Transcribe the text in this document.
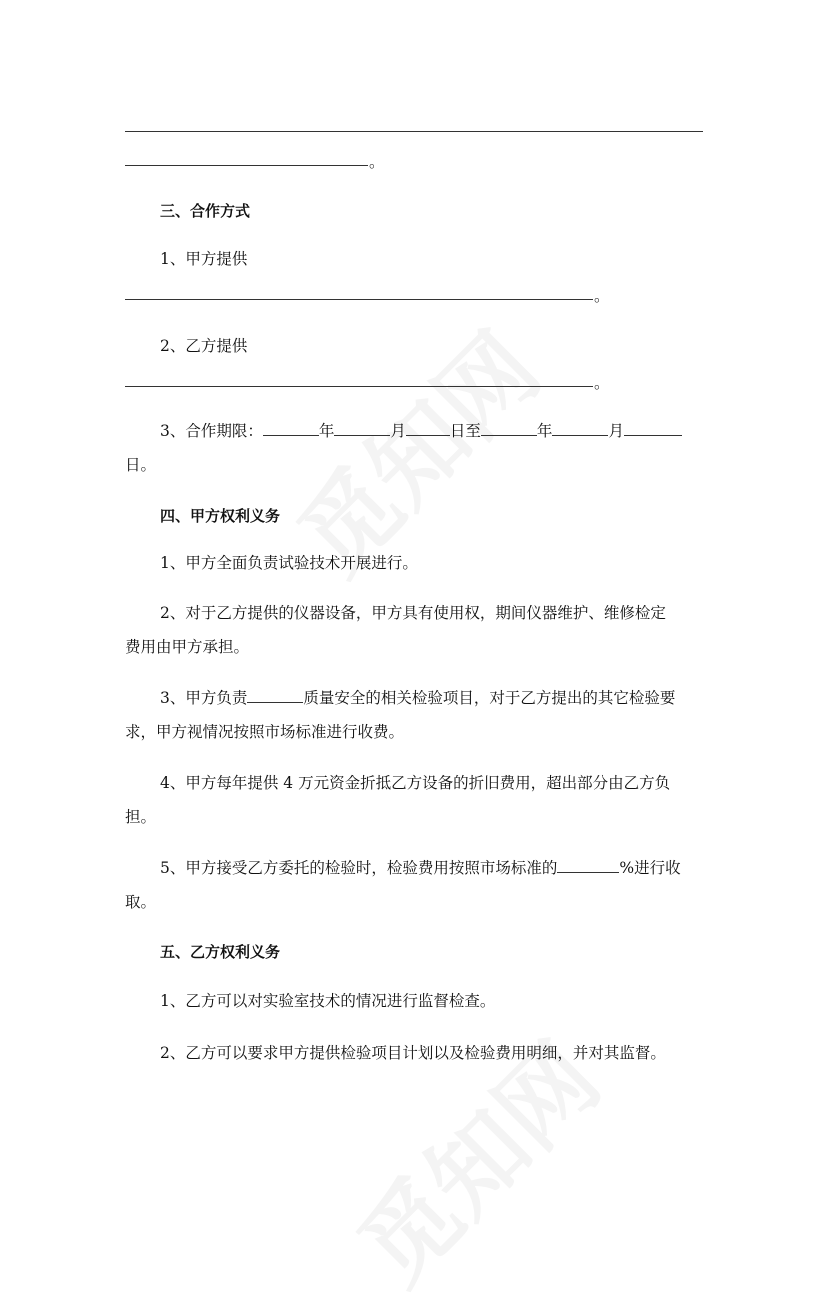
。
三、合作方式
1、甲方提供
。
2、乙方提供
。
3、合作期限：	年	月	日至	年	月
日。
四、甲方权利义务
1、甲方全面负责试验技术开展进行。
2、对于乙方提供的仪器设备，甲方具有使用权，期间仪器维护、维修检定
费用由甲方承担。
3、甲方负责	质量安全的相关检验项目，对于乙方提出的其它检验要
求，甲方视情况按照市场标准进行收费。
4、甲方每年提供 4 万元资金折抵乙方设备的折旧费用，超出部分由乙方负
担。
5、甲方接受乙方委托的检验时，检验费用按照市场标准的	%进行收
取。
五、乙方权利义务
1、乙方可以对实验室技术的情况进行监督检查。
2、乙方可以要求甲方提供检验项目计划以及检验费用明细，并对其监督。
